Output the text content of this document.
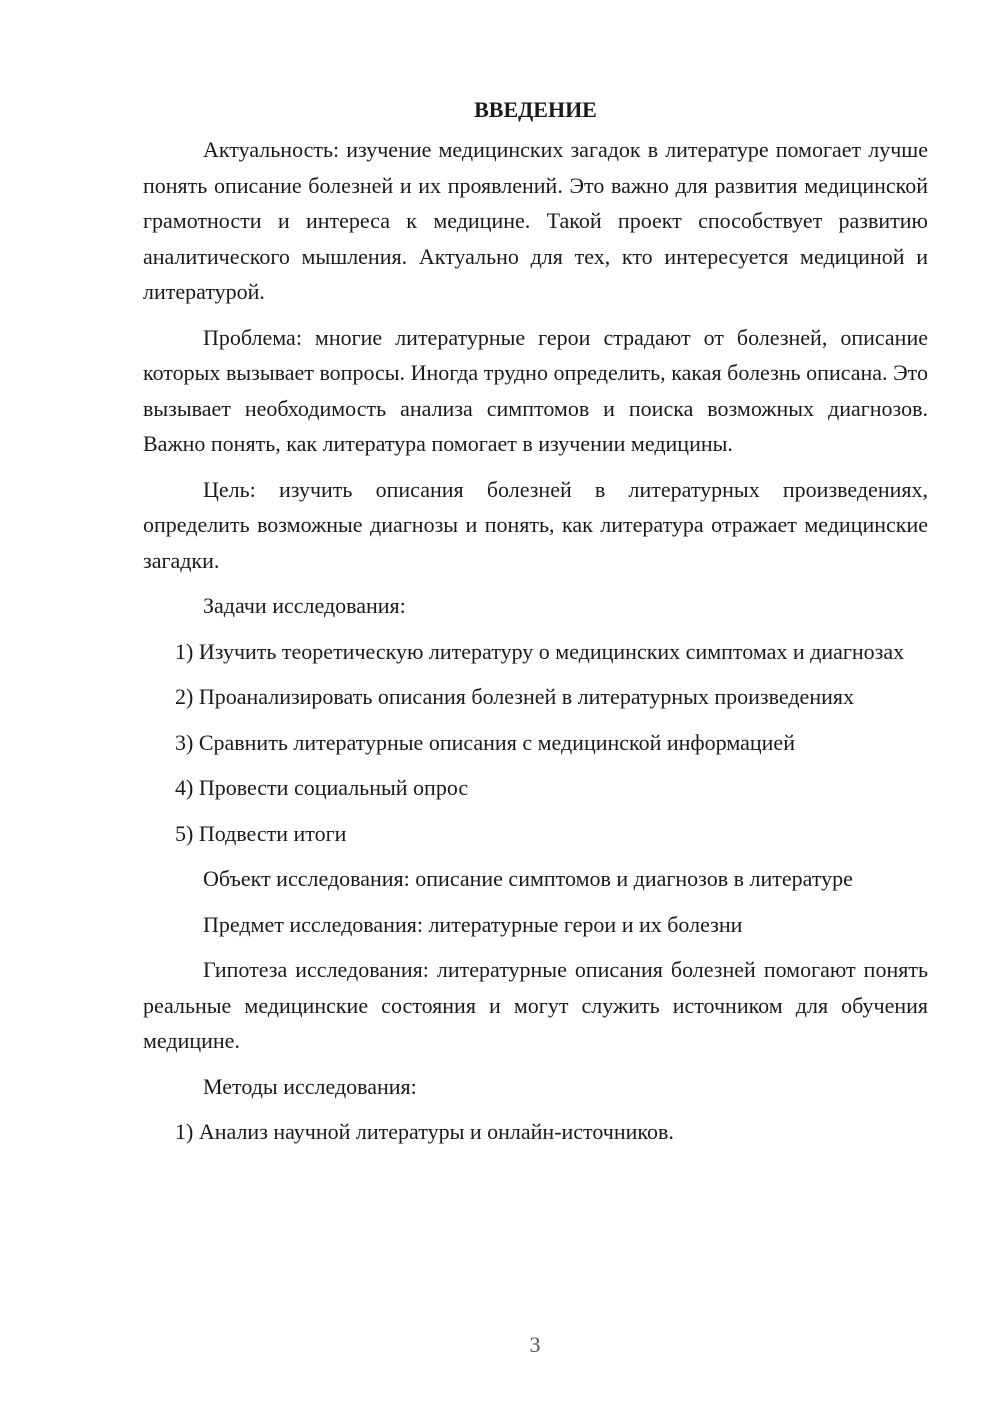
ВВЕДЕНИЕ

Актуальность: изучение медицинских загадок в литературе помогает лучше понять описание болезней и их проявлений. Это важно для развития медицинской грамотности и интереса к медицине. Такой проект способствует развитию аналитического мышления. Актуально для тех, кто интересуется медициной и литературой.

Проблема: многие литературные герои страдают от болезней, описание которых вызывает вопросы. Иногда трудно определить, какая болезнь описана. Это вызывает необходимость анализа симптомов и поиска возможных диагнозов. Важно понять, как литература помогает в изучении медицины.

Цель: изучить описания болезней в литературных произведениях, определить возможные диагнозы и понять, как литература отражает медицинские загадки.

Задачи исследования:

1) Изучить теоретическую литературу о медицинских симптомах и диагнозах

2) Проанализировать описания болезней в литературных произведениях

3) Сравнить литературные описания с медицинской информацией

4) Провести социальный опрос

5) Подвести итоги

Объект исследования: описание симптомов и диагнозов в литературе

Предмет исследования: литературные герои и их болезни

Гипотеза исследования: литературные описания болезней помогают понять реальные медицинские состояния и могут служить источником для обучения медицине.

Методы исследования:

1) Анализ научной литературы и онлайн-источников.

3
